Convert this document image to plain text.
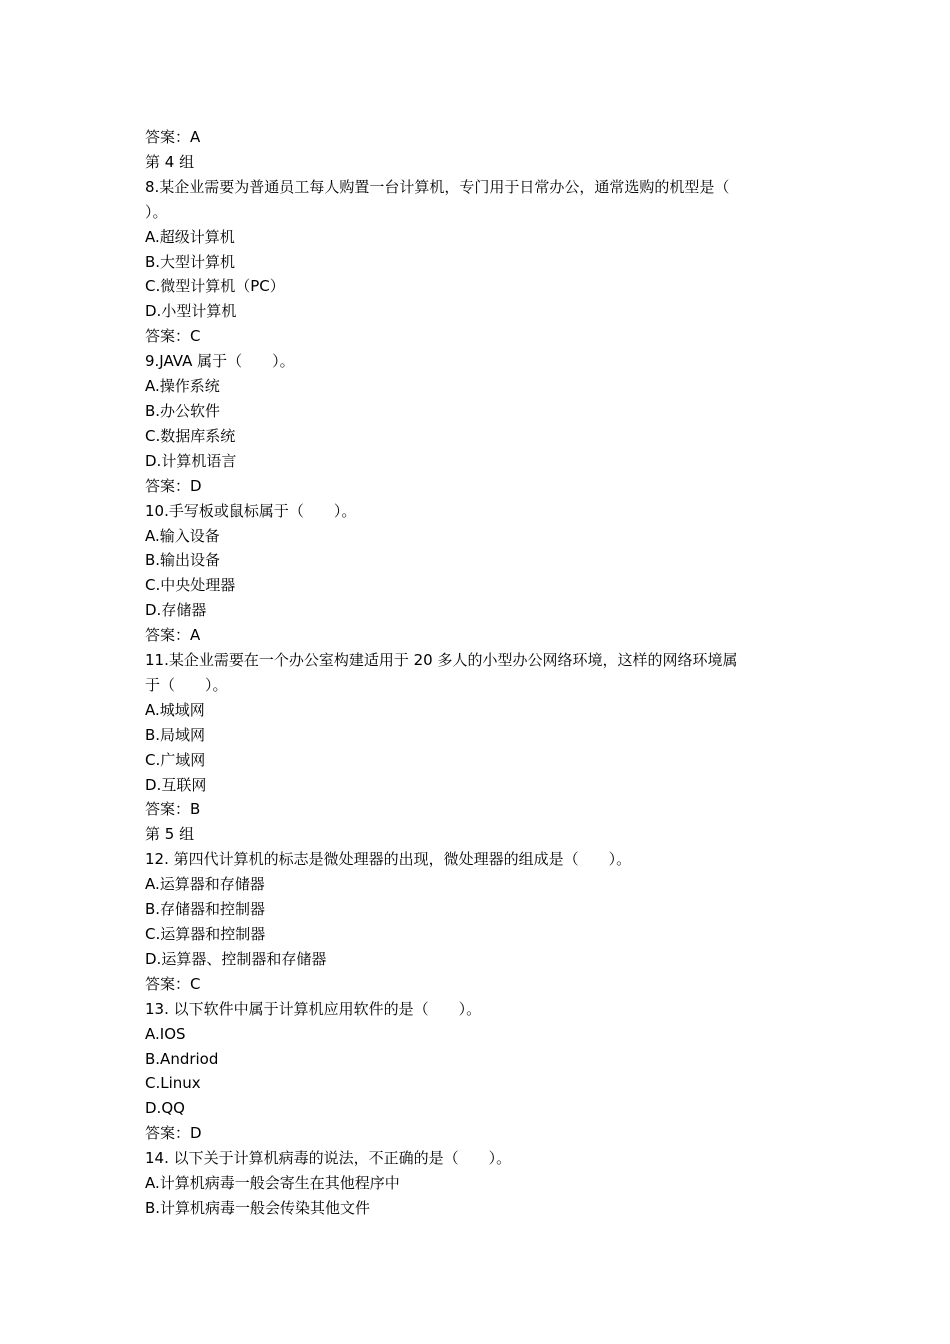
答案：A
第 4 组
8.某企业需要为普通员工每人购置一台计算机，专门用于日常办公，通常选购的机型是（
）。
A.超级计算机
B.大型计算机
C.微型计算机（PC）
D.小型计算机
答案：C
9.JAVA 属于（　　）。
A.操作系统
B.办公软件
C.数据库系统
D.计算机语言
答案：D
10.手写板或鼠标属于（　　）。
A.输入设备
B.输出设备
C.中央处理器
D.存储器
答案：A
11.某企业需要在一个办公室构建适用于 20 多人的小型办公网络环境，这样的网络环境属
于（　　）。
A.城域网
B.局域网
C.广域网
D.互联网
答案：B
第 5 组
12. 第四代计算机的标志是微处理器的出现，微处理器的组成是（　　）。
A.运算器和存储器
B.存储器和控制器
C.运算器和控制器
D.运算器、控制器和存储器
答案：C
13. 以下软件中属于计算机应用软件的是（　　）。
A.IOS
B.Andriod
C.Linux
D.QQ
答案：D
14. 以下关于计算机病毒的说法，不正确的是（　　）。
A.计算机病毒一般会寄生在其他程序中
B.计算机病毒一般会传染其他文件
